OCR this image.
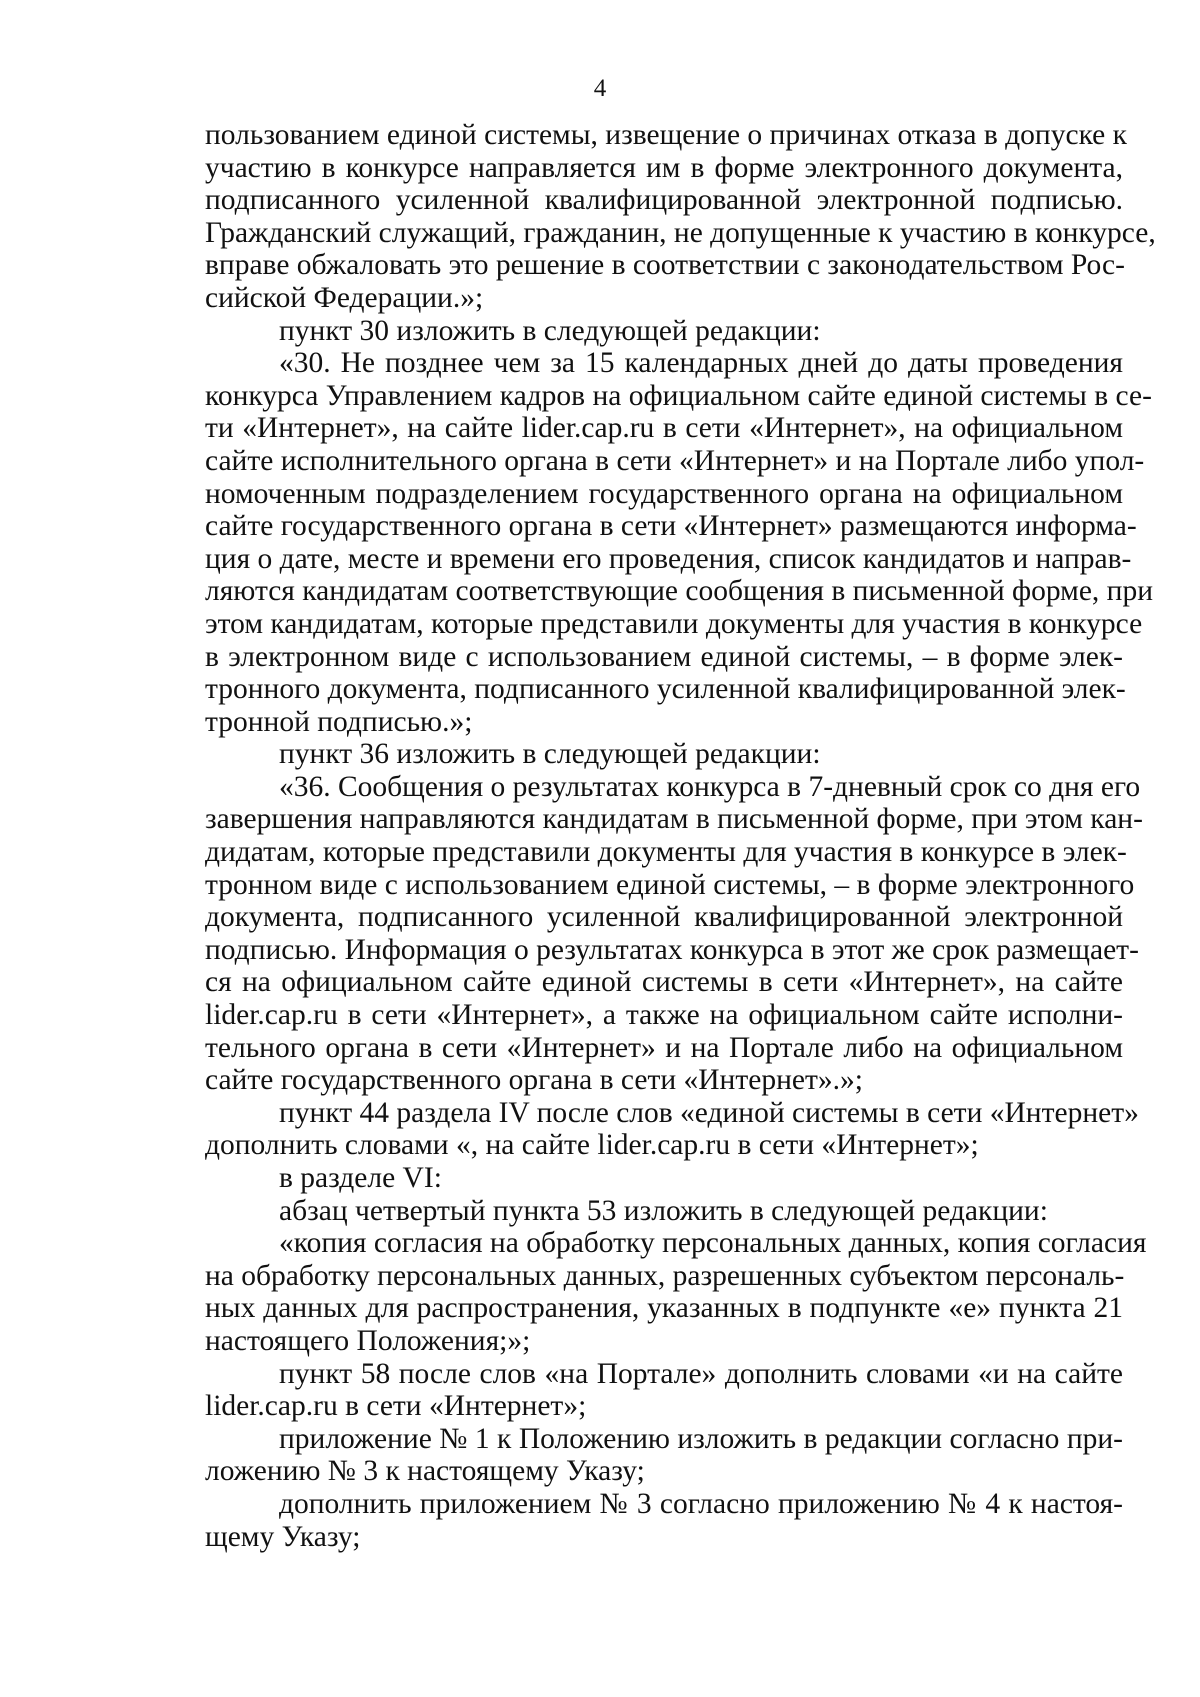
4
пользованием единой системы, извещение о причинах отказа в допуске к
участию в конкурсе направляется им в форме электронного документа,
подписанного усиленной квалифицированной электронной подписью.
Гражданский служащий, гражданин, не допущенные к участию в конкурсе,
вправе обжаловать это решение в соответствии с законодательством Рос-
сийской Федерации.»;
пункт 30 изложить в следующей редакции:
«30. Не позднее чем за 15 календарных дней до даты проведения
конкурса Управлением кадров на официальном сайте единой системы в се-
ти «Интернет», на сайте lider.cap.ru в сети «Интернет», на официальном
сайте исполнительного органа в сети «Интернет» и на Портале либо упол-
номоченным подразделением государственного органа на официальном
сайте государственного органа в сети «Интернет» размещаются информа-
ция о дате, месте и времени его проведения, список кандидатов и направ-
ляются кандидатам соответствующие сообщения в письменной форме, при
этом кандидатам, которые представили документы для участия в конкурсе
в электронном виде с использованием единой системы, – в форме элек-
тронного документа, подписанного усиленной квалифицированной элек-
тронной подписью.»;
пункт 36 изложить в следующей редакции:
«36. Сообщения о результатах конкурса в 7-дневный срок со дня его
завершения направляются кандидатам в письменной форме, при этом кан-
дидатам, которые представили документы для участия в конкурсе в элек-
тронном виде с использованием единой системы, – в форме электронного
документа, подписанного усиленной квалифицированной электронной
подписью. Информация о результатах конкурса в этот же срок размещает-
ся на официальном сайте единой системы в сети «Интернет», на сайте
lider.cap.ru в сети «Интернет», а также на официальном сайте исполни-
тельного органа в сети «Интернет» и на Портале либо на официальном
сайте государственного органа в сети «Интернет».»;
пункт 44 раздела IV после слов «единой системы в сети «Интернет»
дополнить словами «, на сайте lider.cap.ru в сети «Интернет»;
в разделе VI:
абзац четвертый пункта 53 изложить в следующей редакции:
«копия согласия на обработку персональных данных, копия согласия
на обработку персональных данных, разрешенных субъектом персональ-
ных данных для распространения, указанных в подпункте «е» пункта 21
настоящего Положения;»;
пункт 58 после слов «на Портале» дополнить словами «и на сайте
lider.cap.ru в сети «Интернет»;
приложение № 1 к Положению изложить в редакции согласно при-
ложению № 3 к настоящему Указу;
дополнить приложением № 3 согласно приложению № 4 к настоя-
щему Указу;
